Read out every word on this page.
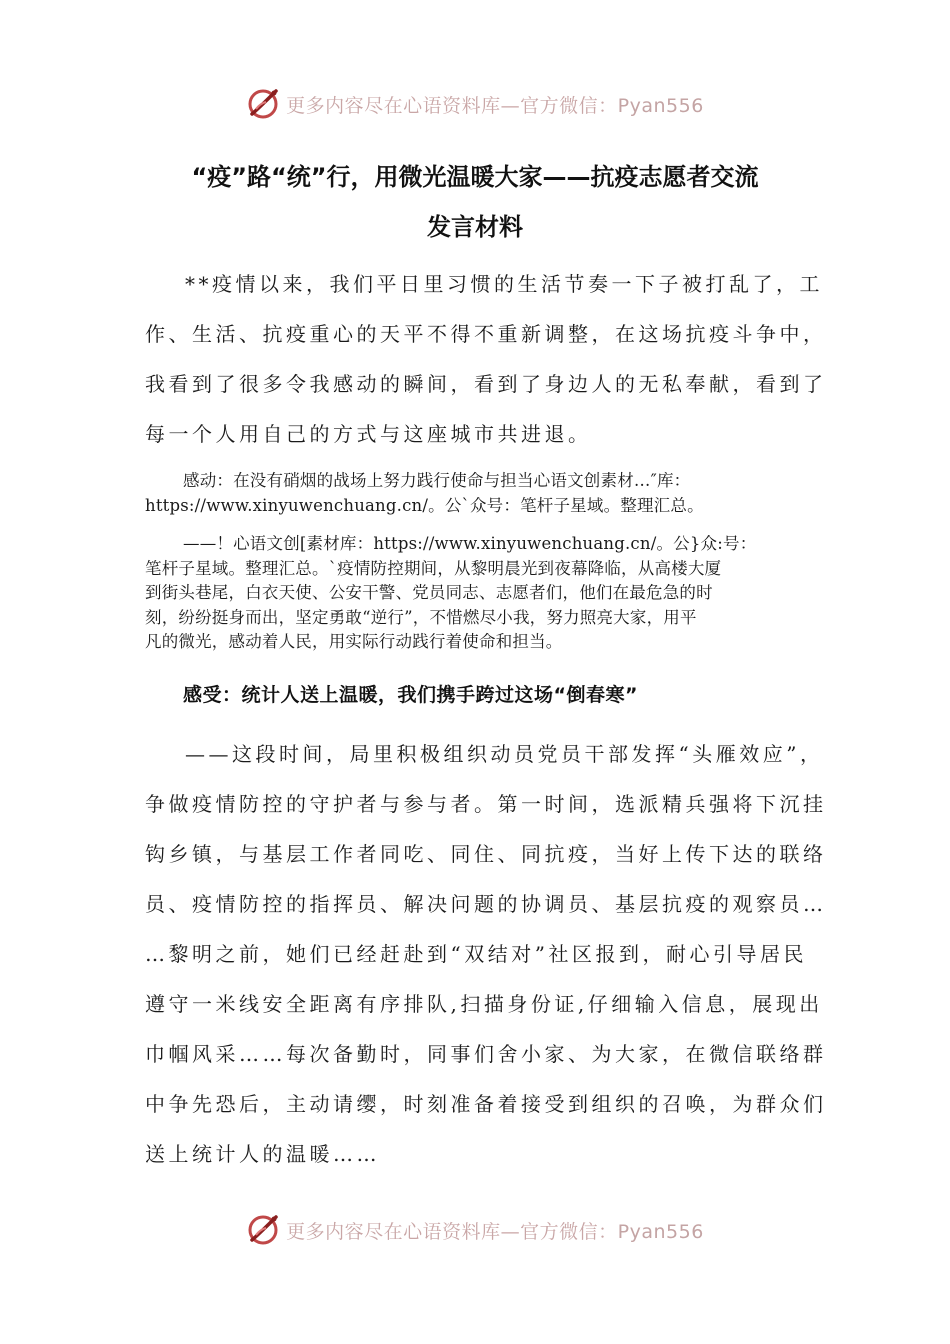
更多内容尽在心语资料库—官方微信：Pyan556
“疫”路“统”行，用微光温暖大家——抗疫志愿者交流
发言材料

**疫情以来，我们平日里习惯的生活节奏一下子被打乱了，工
作、生活、抗疫重心的天平不得不重新调整，在这场抗疫斗争中，
我看到了很多令我感动的瞬间，看到了身边人的无私奉献，看到了
每一个人用自己的方式与这座城市共进退。

感动：在没有硝烟的战场上努力践行使命与担当心语文创素材…″库：
https://www.xinyuwenchuang.cn/。公`众号：笔杆子星域。整理汇总。

——！心语文创[素材库：https://www.xinyuwenchuang.cn/。公}众:号：
笔杆子星域。整理汇总。`疫情防控期间，从黎明晨光到夜幕降临，从高楼大厦
到街头巷尾，白衣天使、公安干警、党员同志、志愿者们，他们在最危急的时
刻，纷纷挺身而出，坚定勇敢“逆行”，不惜燃尽小我，努力照亮大家，用平
凡的微光，感动着人民，用实际行动践行着使命和担当。

感受：统计人送上温暖，我们携手跨过这场“倒春寒”

——这段时间，局里积极组织动员党员干部发挥“头雁效应”，
争做疫情防控的守护者与参与者。第一时间，选派精兵强将下沉挂
钩乡镇，与基层工作者同吃、同住、同抗疫，当好上传下达的联络
员、疫情防控的指挥员、解决问题的协调员、基层抗疫的观察员…
…黎明之前，她们已经赶赴到“双结对”社区报到，耐心引导居民
遵守一米线安全距离有序排队,扫描身份证,仔细输入信息，展现出
巾帼风采……每次备勤时，同事们舍小家、为大家，在微信联络群
中争先恐后，主动请缨，时刻准备着接受到组织的召唤，为群众们
送上统计人的温暖……

更多内容尽在心语资料库—官方微信：Pyan556
